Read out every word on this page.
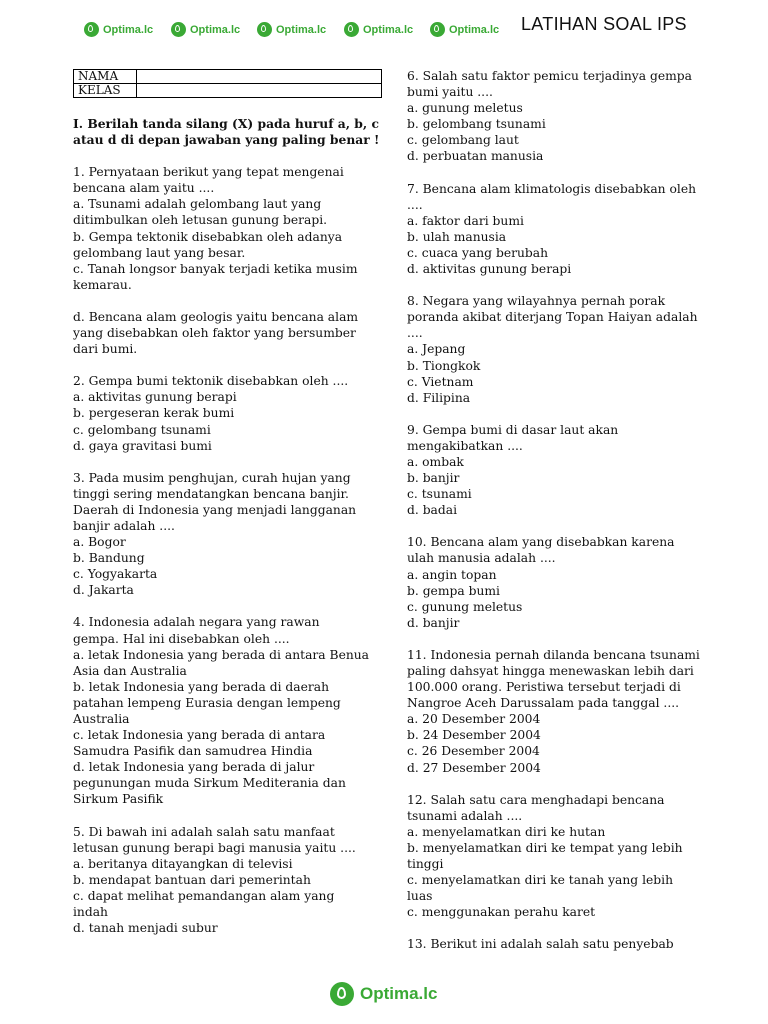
Optima.lc	Optima.lc	Optima.lc	Optima.lc	Optima.lc LATIHAN SOAL IPS
NAMA	
KELAS	

I. Berilah tanda silang (X) pada huruf a, b, c

atau d di depan jawaban yang paling benar !

1. Pernyataan berikut yang tepat mengenai

bencana alam yaitu ....

a. Tsunami adalah gelombang laut yang

ditimbulkan oleh letusan gunung berapi.

b. Gempa tektonik disebabkan oleh adanya

gelombang laut yang besar.

c. Tanah longsor banyak terjadi ketika musim

kemarau.

d. Bencana alam geologis yaitu bencana alam

yang disebabkan oleh faktor yang bersumber

dari bumi.

2. Gempa bumi tektonik disebabkan oleh ....

a. aktivitas gunung berapi

b. pergeseran kerak bumi

c. gelombang tsunami

d. gaya gravitasi bumi

3. Pada musim penghujan, curah hujan yang

tinggi sering mendatangkan bencana banjir.

Daerah di Indonesia yang menjadi langganan

banjir adalah ....

a. Bogor

b. Bandung

c. Yogyakarta

d. Jakarta

4. Indonesia adalah negara yang rawan

gempa. Hal ini disebabkan oleh ....

a. letak Indonesia yang berada di antara Benua

Asia dan Australia

b. letak Indonesia yang berada di daerah

patahan lempeng Eurasia dengan lempeng

Australia

c. letak Indonesia yang berada di antara

Samudra Pasifik dan samudrea Hindia

d. letak Indonesia yang berada di jalur

pegunungan muda Sirkum Mediterania dan

Sirkum Pasifik

5. Di bawah ini adalah salah satu manfaat

letusan gunung berapi bagi manusia yaitu ....

a. beritanya ditayangkan di televisi

b. mendapat bantuan dari pemerintah

c. dapat melihat pemandangan alam yang

indah

d. tanah menjadi subur

6. Salah satu faktor pemicu terjadinya gempa

bumi yaitu ....

a. gunung meletus

b. gelombang tsunami

c. gelombang laut

d. perbuatan manusia

7. Bencana alam klimatologis disebabkan oleh

....

a. faktor dari bumi

b. ulah manusia

c. cuaca yang berubah

d. aktivitas gunung berapi

8. Negara yang wilayahnya pernah porak

poranda akibat diterjang Topan Haiyan adalah

....

a. Jepang

b. Tiongkok

c. Vietnam

d. Filipina

9. Gempa bumi di dasar laut akan

mengakibatkan ....

a. ombak

b. banjir

c. tsunami

d. badai

10. Bencana alam yang disebabkan karena

ulah manusia adalah ....

a. angin topan

b. gempa bumi

c. gunung meletus

d. banjir

11. Indonesia pernah dilanda bencana tsunami

paling dahsyat hingga menewaskan lebih dari

100.000 orang. Peristiwa tersebut terjadi di

Nangroe Aceh Darussalam pada tanggal ....

a. 20 Desember 2004

b. 24 Desember 2004

c. 26 Desember 2004

d. 27 Desember 2004

12. Salah satu cara menghadapi bencana

tsunami adalah ....

a. menyelamatkan diri ke hutan

b. menyelamatkan diri ke tempat yang lebih

tinggi

c. menyelamatkan diri ke tanah yang lebih

luas

c. menggunakan perahu karet

13. Berikut ini adalah salah satu penyebab

Optima.lc
